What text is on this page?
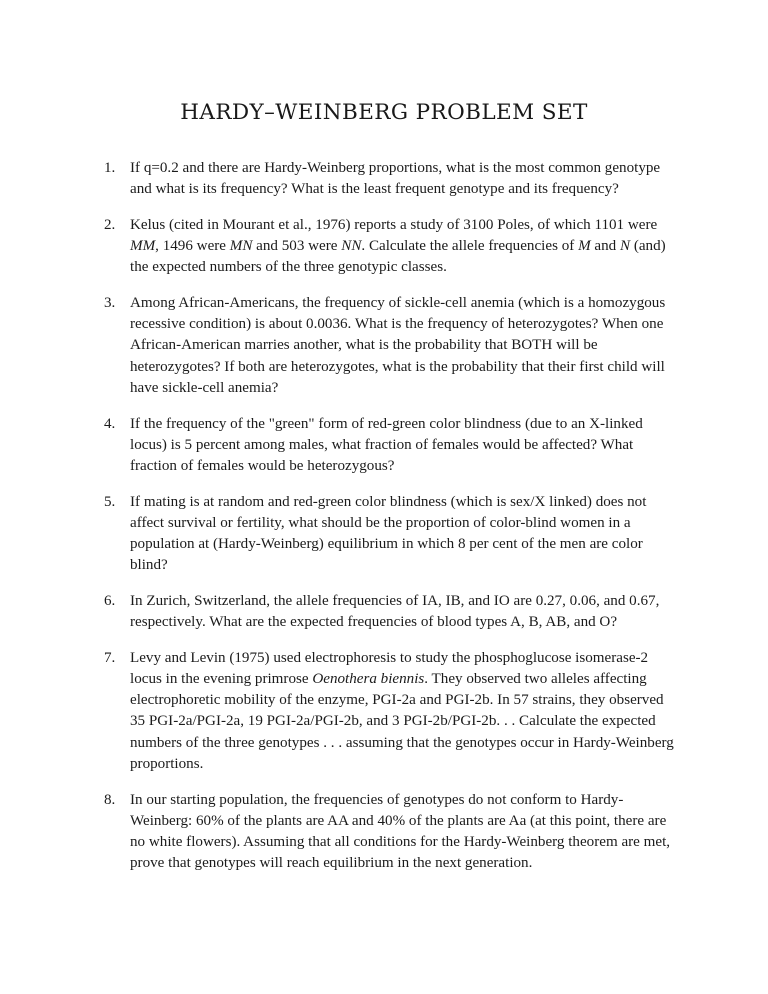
HARDY–WEINBERG PROBLEM SET
1. If q=0.2 and there are Hardy-Weinberg proportions, what is the most common genotype and what is its frequency? What is the least frequent genotype and its frequency?
2. Kelus (cited in Mourant et al., 1976) reports a study of 3100 Poles, of which 1101 were MM, 1496 were MN and 503 were NN. Calculate the allele frequencies of M and N (and) the expected numbers of the three genotypic classes.
3. Among African-Americans, the frequency of sickle-cell anemia (which is a homozygous recessive condition) is about 0.0036. What is the frequency of heterozygotes? When one African-American marries another, what is the probability that BOTH will be heterozygotes? If both are heterozygotes, what is the probability that their first child will have sickle-cell anemia?
4. If the frequency of the "green" form of red-green color blindness (due to an X-linked locus) is 5 percent among males, what fraction of females would be affected? What fraction of females would be heterozygous?
5. If mating is at random and red-green color blindness (which is sex/X linked) does not affect survival or fertility, what should be the proportion of color-blind women in a population at (Hardy-Weinberg) equilibrium in which 8 per cent of the men are color blind?
6. In Zurich, Switzerland, the allele frequencies of IA, IB, and IO are 0.27, 0.06, and 0.67, respectively. What are the expected frequencies of blood types A, B, AB, and O?
7. Levy and Levin (1975) used electrophoresis to study the phosphoglucose isomerase-2 locus in the evening primrose Oenothera biennis. They observed two alleles affecting electrophoretic mobility of the enzyme, PGI-2a and PGI-2b. In 57 strains, they observed 35 PGI-2a/PGI-2a, 19 PGI-2a/PGI-2b, and 3 PGI-2b/PGI-2b. . . Calculate the expected numbers of the three genotypes . . . assuming that the genotypes occur in Hardy-Weinberg proportions.
8. In our starting population, the frequencies of genotypes do not conform to Hardy-Weinberg: 60% of the plants are AA and 40% of the plants are Aa (at this point, there are no white flowers). Assuming that all conditions for the Hardy-Weinberg theorem are met, prove that genotypes will reach equilibrium in the next generation.
